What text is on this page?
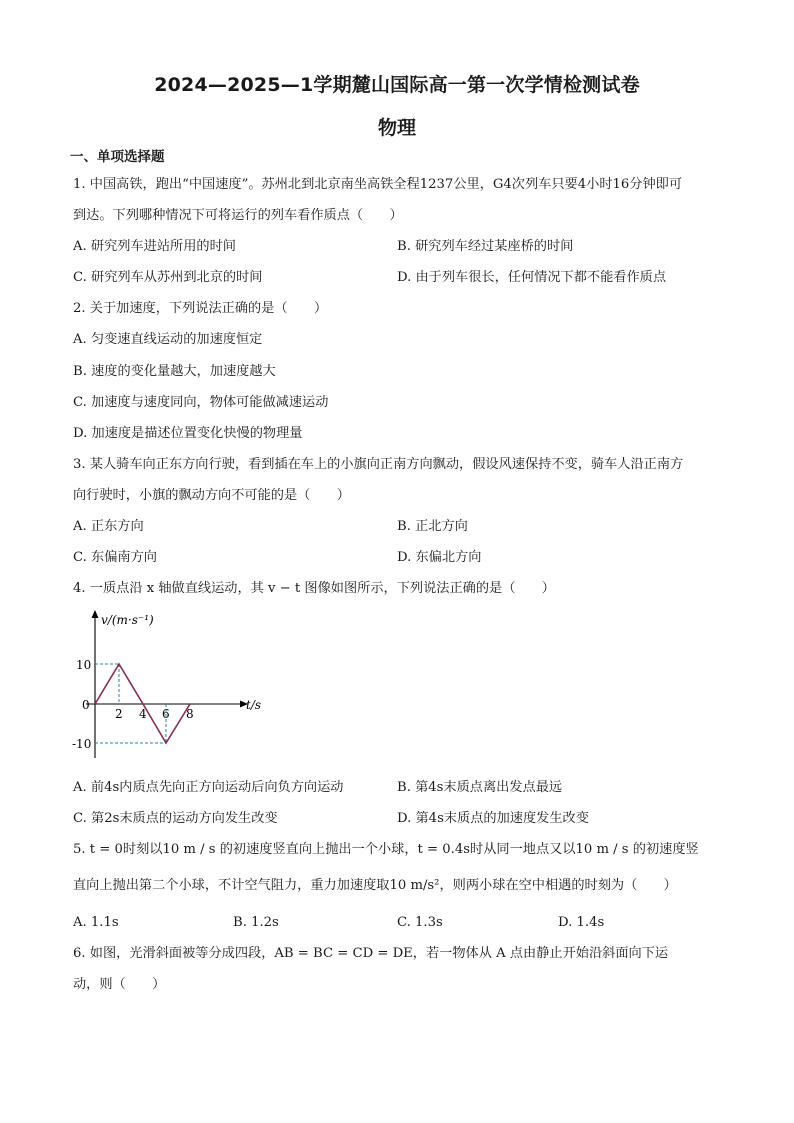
2024—2025—1学期麓山国际高一第一次学情检测试卷
物理
一、单项选择题
1. 中国高铁，跑出“中国速度”。苏州北到北京南坐高铁全程1237公里，G4次列车只要4小时16分钟即可
到达。下列哪种情况下可将运行的列车看作质点（　　）
A. 研究列车进站所用的时间	B. 研究列车经过某座桥的时间
C. 研究列车从苏州到北京的时间	D. 由于列车很长，任何情况下都不能看作质点
2. 关于加速度，下列说法正确的是（　　）
A. 匀变速直线运动的加速度恒定
B. 速度的变化量越大，加速度越大
C. 加速度与速度同向，物体可能做减速运动
D. 加速度是描述位置变化快慢的物理量
3. 某人骑车向正东方向行驶，看到插在车上的小旗向正南方向飘动，假设风速保持不变，骑车人沿正南方
向行驶时，小旗的飘动方向不可能的是（　　）
A. 正东方向	B. 正北方向
C. 东偏南方向	D. 东偏北方向
4. 一质点沿 x 轴做直线运动，其 v − t 图像如图所示，下列说法正确的是（　　）
v/(m·s⁻¹)
t/s
10
0
-10
2 4 6 8
A. 前4s内质点先向正方向运动后向负方向运动	B. 第4s末质点离出发点最远
C. 第2s末质点的运动方向发生改变	D. 第4s末质点的加速度发生改变
5. t = 0时刻以10 m / s 的初速度竖直向上抛出一个小球，t = 0.4s时从同一地点又以10 m / s 的初速度竖
直向上抛出第二个小球，不计空气阻力，重力加速度取10 m/s²，则两小球在空中相遇的时刻为（　　）
A. 1.1s	B. 1.2s	C. 1.3s	D. 1.4s
6. 如图，光滑斜面被等分成四段，AB = BC = CD = DE，若一物体从 A 点由静止开始沿斜面向下运
动，则（　　）
